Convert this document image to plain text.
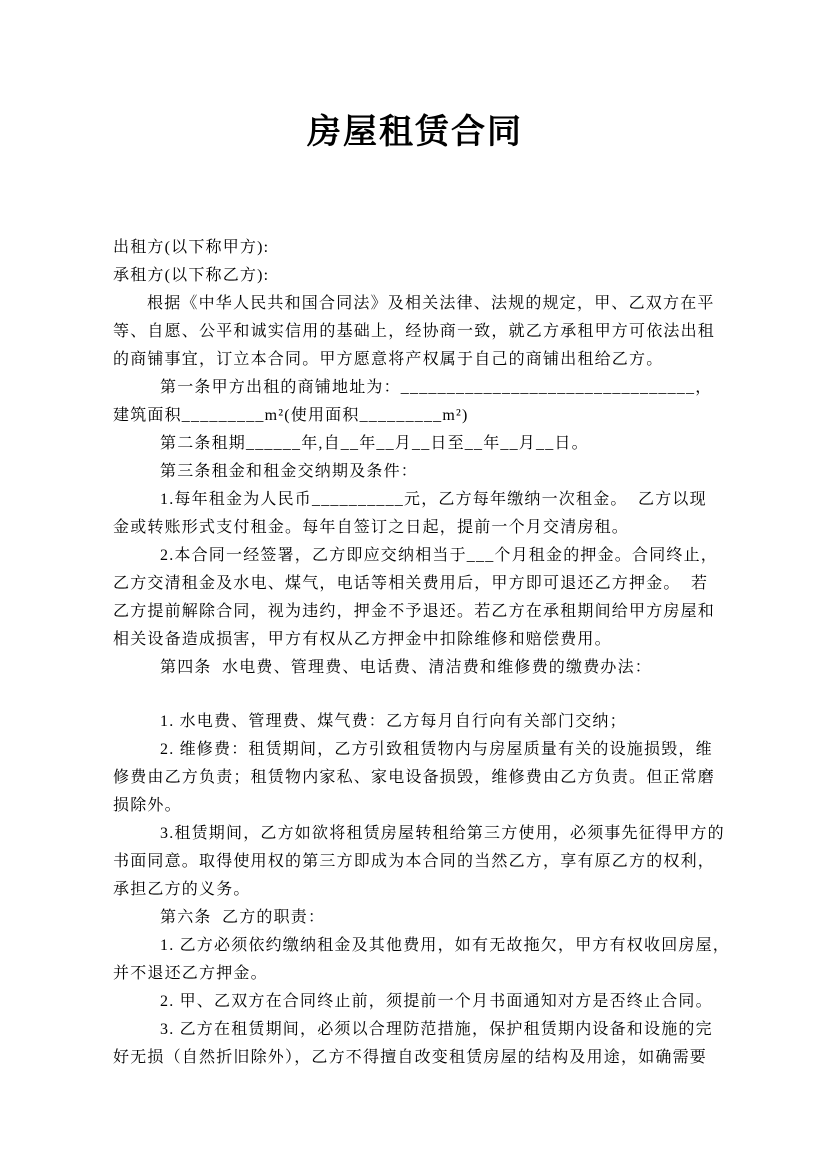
房屋租赁合同
出租方(以下称甲方):
承租方(以下称乙方):
根据《中华人民共和国合同法》及相关法律、法规的规定，甲、乙双方在平
等、自愿、公平和诚实信用的基础上，经协商一致，就乙方承租甲方可依法出租
的商铺事宜，订立本合同。甲方愿意将产权属于自己的商铺出租给乙方。
第一条甲方出租的商铺地址为：________________________________，
建筑面积_________m²(使用面积_________m²)
第二条租期______年,自__年__月__日至__年__月__日。
第三条租金和租金交纳期及条件：
1.每年租金为人民币__________元，乙方每年缴纳一次租金。  乙方以现
金或转账形式支付租金。每年自签订之日起，提前一个月交清房租。
2.本合同一经签署，乙方即应交纳相当于___个月租金的押金。合同终止，
乙方交清租金及水电、煤气，电话等相关费用后，甲方即可退还乙方押金。  若
乙方提前解除合同，视为违约，押金不予退还。若乙方在承租期间给甲方房屋和
相关设备造成损害，甲方有权从乙方押金中扣除维修和赔偿费用。
第四条  水电费、管理费、电话费、清洁费和维修费的缴费办法：
1. 水电费、管理费、煤气费：乙方每月自行向有关部门交纳；
2. 维修费：租赁期间，乙方引致租赁物内与房屋质量有关的设施损毁，维
修费由乙方负责；租赁物内家私、家电设备损毁，维修费由乙方负责。但正常磨
损除外。
3.租赁期间，乙方如欲将租赁房屋转租给第三方使用，必须事先征得甲方的
书面同意。取得使用权的第三方即成为本合同的当然乙方，享有原乙方的权利，
承担乙方的义务。
第六条  乙方的职责：
1. 乙方必须依约缴纳租金及其他费用，如有无故拖欠，甲方有权收回房屋，
并不退还乙方押金。
2. 甲、乙双方在合同终止前，须提前一个月书面通知对方是否终止合同。
3. 乙方在租赁期间，必须以合理防范措施，保护租赁期内设备和设施的完
好无损（自然折旧除外），乙方不得擅自改变租赁房屋的结构及用途，如确需要
